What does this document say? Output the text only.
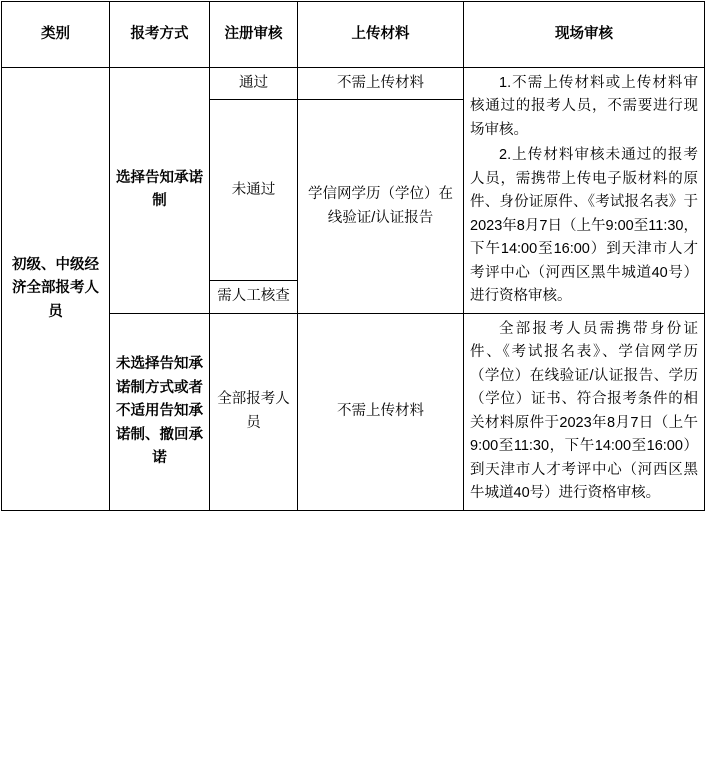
类别	报考方式	注册审核	上传材料	现场审核
初级、中级经济全部报考人员	选择告知承诺制	通过	不需上传材料	1.不需上传材料或上传材料审核通过的报考人员，不需要进行现场审核。

2.上传材料审核未通过的报考人员，需携带上传电子版材料的原件、身份证原件、《考试报名表》于2023年8月7日（上午9:00至11:30，下午14:00至16:00）到天津市人才考评中心（河西区黑牛城道40号）进行资格审核。

		未通过	学信网学历（学位）在线验证/认证报告	
		需人工核查		
	未选择告知承诺制方式或者不适用告知承诺制、撤回承诺	全部报考人员	不需上传材料	全部报考人员需携带身份证件、《考试报名表》、学信网学历（学位）在线验证/认证报告、学历（学位）证书、符合报考条件的相关材料原件于2023年8月7日（上午9:00至11:30，下午14:00至16:00）到天津市人才考评中心（河西区黑牛城道40号）进行资格审核。
